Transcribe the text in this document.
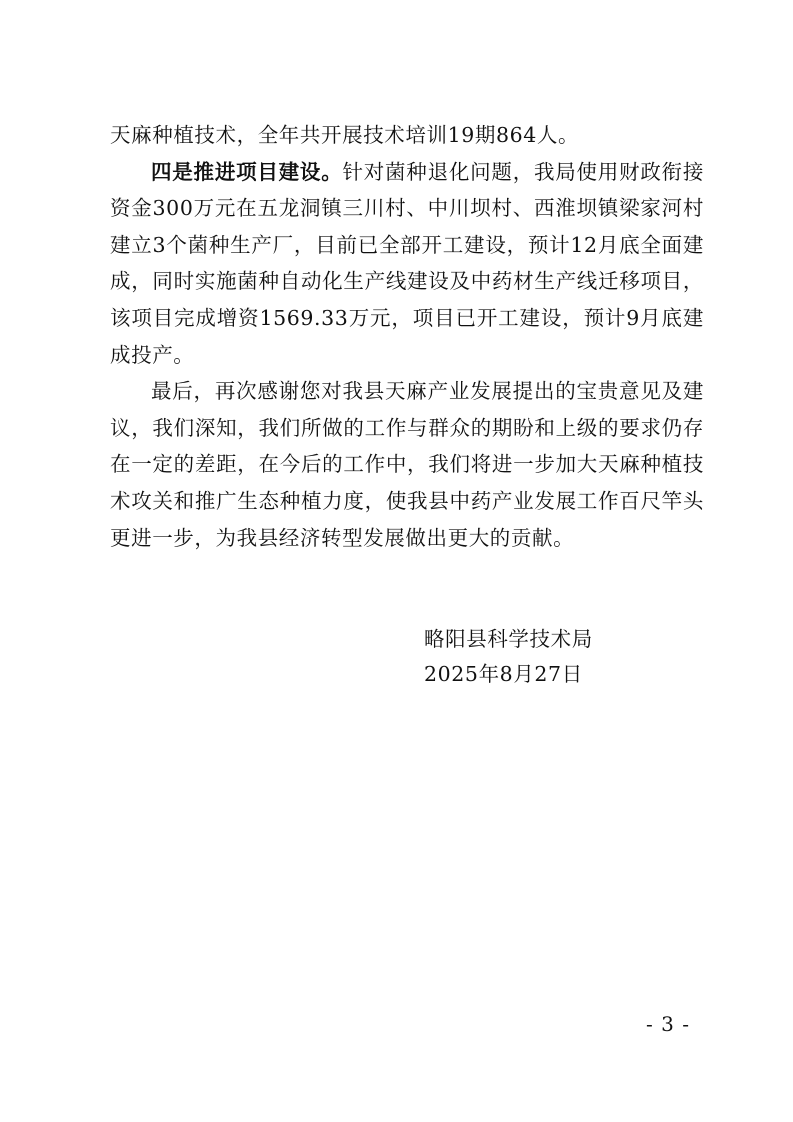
天麻种植技术，全年共开展技术培训19期864人。

四是推进项目建设。针对菌种退化问题，我局使用财政衔接资金300万元在五龙洞镇三川村、中川坝村、西淮坝镇梁家河村建立3个菌种生产厂，目前已全部开工建设，预计12月底全面建成，同时实施菌种自动化生产线建设及中药材生产线迁移项目，该项目完成增资1569.33万元，项目已开工建设，预计9月底建成投产。

最后，再次感谢您对我县天麻产业发展提出的宝贵意见及建议，我们深知，我们所做的工作与群众的期盼和上级的要求仍存在一定的差距，在今后的工作中，我们将进一步加大天麻种植技术攻关和推广生态种植力度，使我县中药产业发展工作百尺竿头更进一步，为我县经济转型发展做出更大的贡献。

略阳县科学技术局
2025年8月27日
- 3 -
